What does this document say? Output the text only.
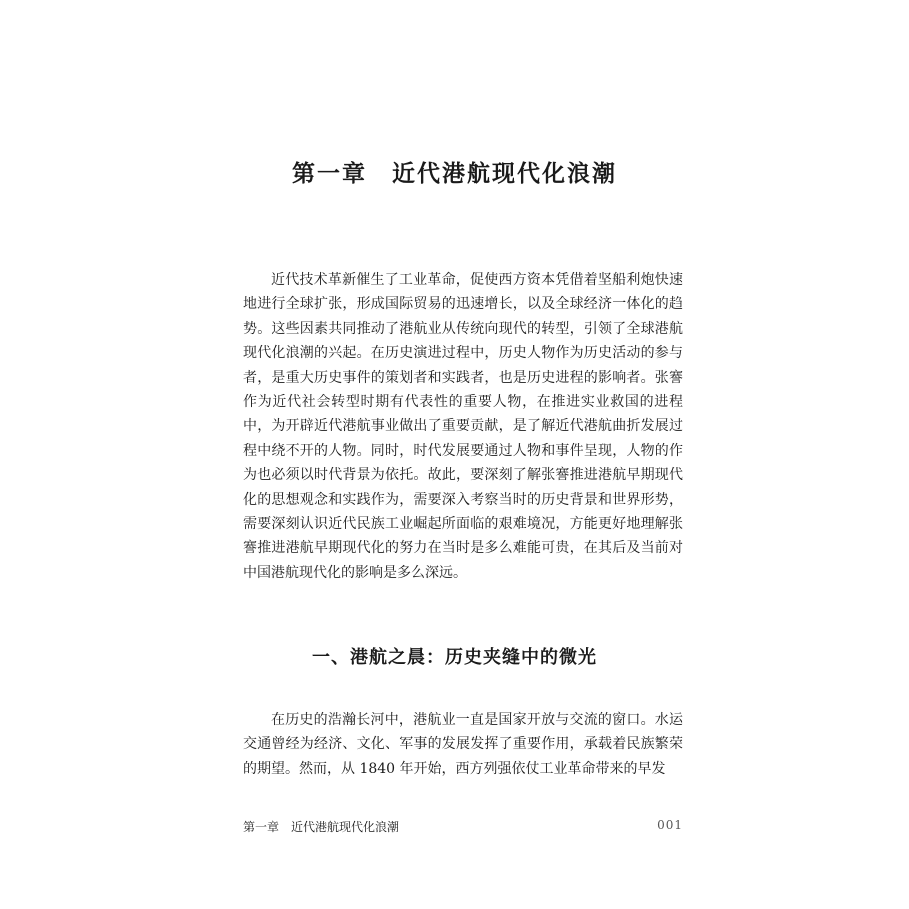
第一章　近代港航现代化浪潮

近代技术革新催生了工业革命，促使西方资本凭借着坚船利炮快速地进行全球扩张，形成国际贸易的迅速增长，以及全球经济一体化的趋势。这些因素共同推动了港航业从传统向现代的转型，引领了全球港航现代化浪潮的兴起。在历史演进过程中，历史人物作为历史活动的参与者，是重大历史事件的策划者和实践者，也是历史进程的影响者。张謇作为近代社会转型时期有代表性的重要人物，在推进实业救国的进程中，为开辟近代港航事业做出了重要贡献，是了解近代港航曲折发展过程中绕不开的人物。同时，时代发展要通过人物和事件呈现，人物的作为也必须以时代背景为依托。故此，要深刻了解张謇推进港航早期现代化的思想观念和实践作为，需要深入考察当时的历史背景和世界形势，需要深刻认识近代民族工业崛起所面临的艰难境况，方能更好地理解张謇推进港航早期现代化的努力在当时是多么难能可贵，在其后及当前对中国港航现代化的影响是多么深远。

一、港航之晨：历史夹缝中的微光

在历史的浩瀚长河中，港航业一直是国家开放与交流的窗口。水运交通曾经为经济、文化、军事的发展发挥了重要作用，承载着民族繁荣的期望。然而，从 1840 年开始，西方列强依仗工业革命带来的早发

第一章　近代港航现代化浪潮	001
